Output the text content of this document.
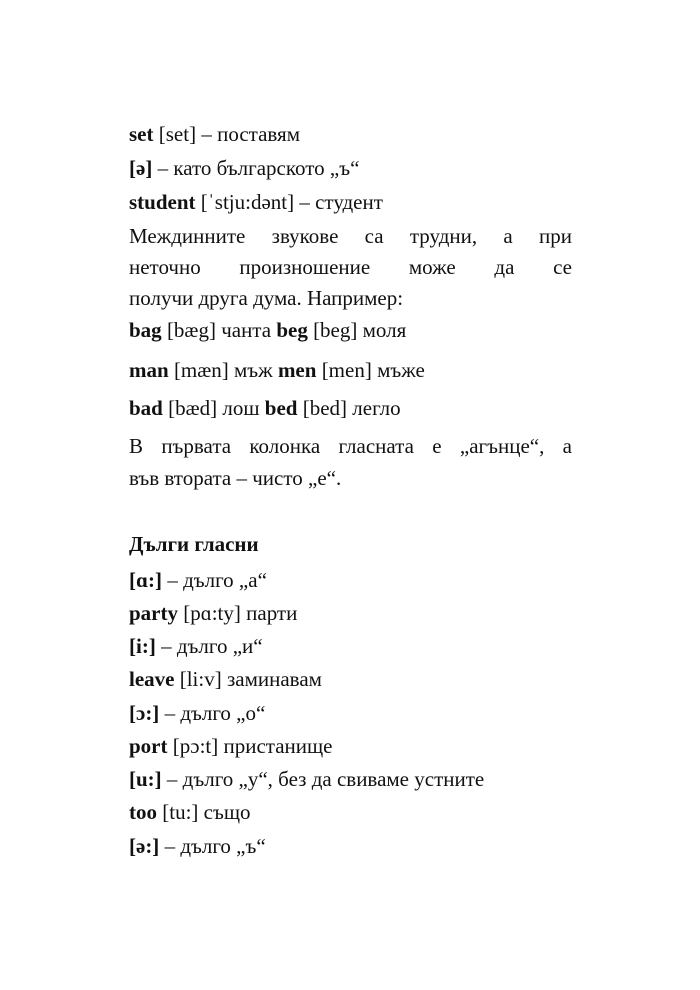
set [set] – поставям
[ə] – като българското „ъ“
student [ˈstju:dənt] – студент
Междинните звукове са трудни, а при
неточно произношение може да се
получи друга дума. Например:
bag [bæg] чанта beg [beg] моля
man [mæn] мъж men [men] мъже
bad [bæd] лош bed [bed] легло
В първата колонка гласната е „агънце“, а
във втората – чисто „е“.
Дълги гласни
[ɑ:] – дълго „а“
party [pɑ:ty] парти
[i:] – дълго „и“
leave [li:v] заминавам
[ɔ:] – дълго „о“
port [pɔ:t] пристанище
[u:] – дълго „у“, без да свиваме устните
too [tu:] също
[ə:] – дълго „ъ“
